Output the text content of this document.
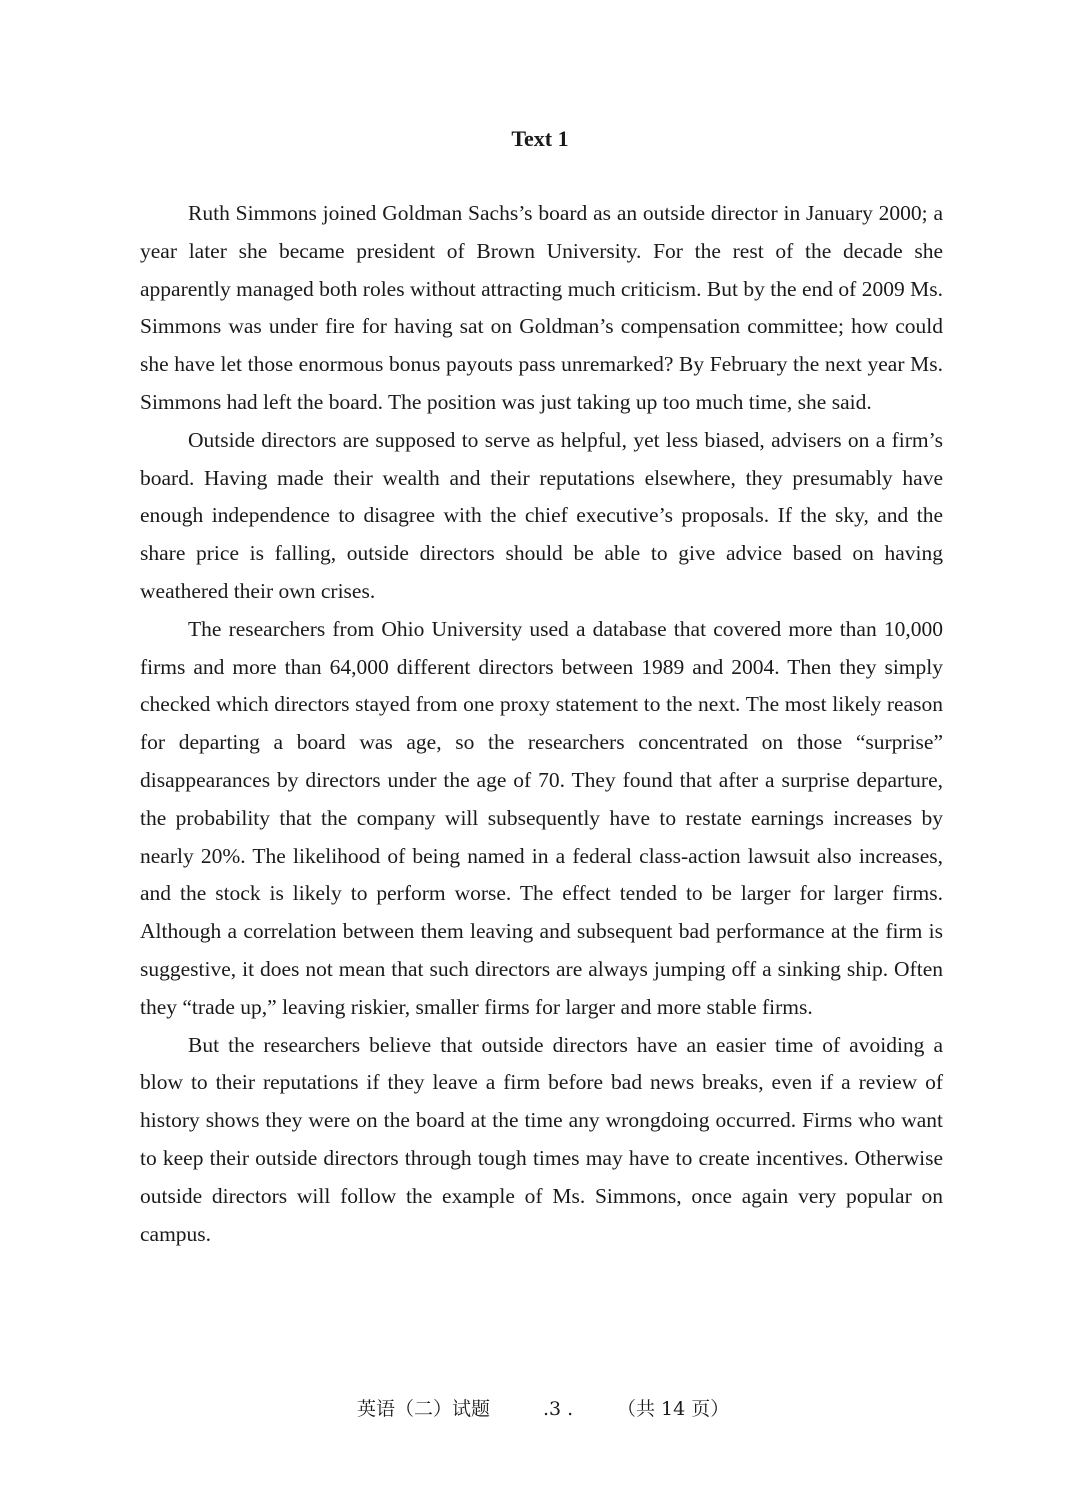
Text 1

Ruth Simmons joined Goldman Sachs’s board as an outside director in January 2000; a year later she became president of Brown University. For the rest of the decade she apparently managed both roles without attracting much criticism. But by the end of 2009 Ms. Simmons was under fire for having sat on Goldman’s compensation committee; how could she have let those enormous bonus payouts pass unremarked? By February the next year Ms. Simmons had left the board. The position was just taking up too much time, she said.

Outside directors are supposed to serve as helpful, yet less biased, advisers on a firm’s board. Having made their wealth and their reputations elsewhere, they presumably have enough independence to disagree with the chief executive’s proposals. If the sky, and the share price is falling, outside directors should be able to give advice based on having weathered their own crises.

The researchers from Ohio University used a database that covered more than 10,000 firms and more than 64,000 different directors between 1989 and 2004. Then they simply checked which directors stayed from one proxy statement to the next. The most likely reason for departing a board was age, so the researchers concentrated on those “surprise” disappearances by directors under the age of 70. They found that after a surprise departure, the probability that the company will subsequently have to restate earnings increases by nearly 20%. The likelihood of being named in a federal class-action lawsuit also increases, and the stock is likely to perform worse. The effect tended to be larger for larger firms. Although a correlation between them leaving and subsequent bad performance at the firm is suggestive, it does not mean that such directors are always jumping off a sinking ship. Often they “trade up,” leaving riskier, smaller firms for larger and more stable firms.

But the researchers believe that outside directors have an easier time of avoiding a blow to their reputations if they leave a firm before bad news breaks, even if a review of history shows they were on the board at the time any wrongdoing occurred. Firms who want to keep their outside directors through tough times may have to create incentives. Otherwise outside directors will follow the example of Ms. Simmons, once again very popular on campus.

英语（二）试题	.3 . （共 14 页）
